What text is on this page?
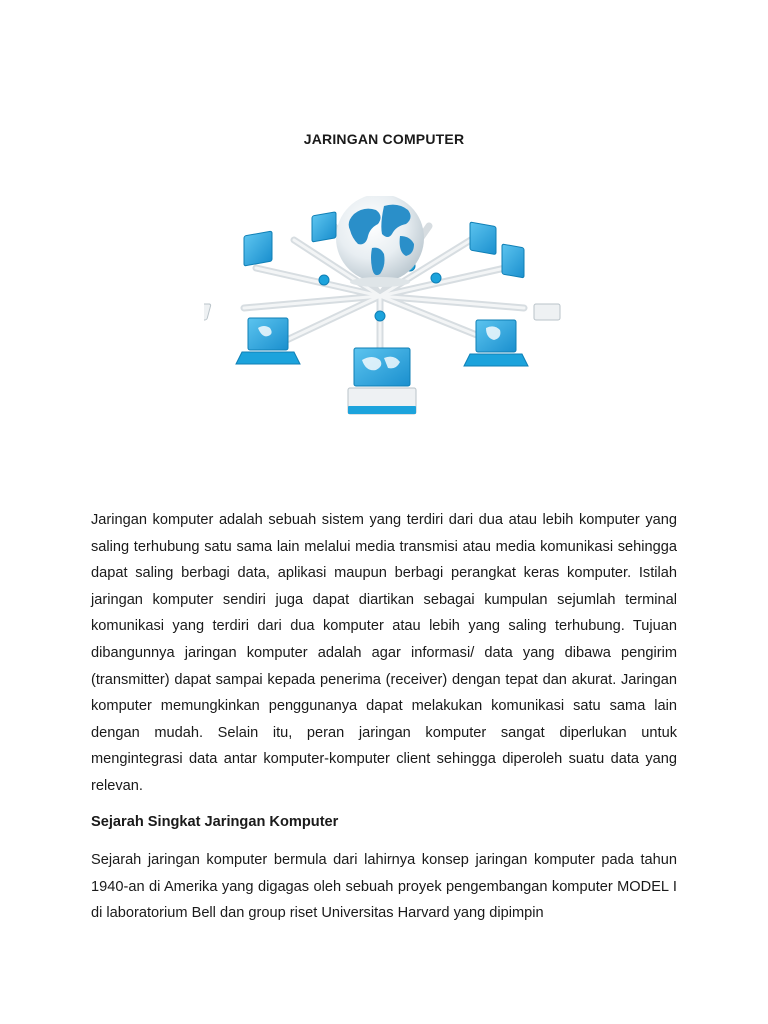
JARINGAN COMPUTER

Jaringan komputer adalah sebuah sistem yang terdiri dari dua atau lebih komputer yang saling terhubung satu sama lain melalui media transmisi atau media komunikasi sehingga dapat saling berbagi data, aplikasi maupun berbagi perangkat keras komputer. Istilah jaringan komputer sendiri juga dapat diartikan sebagai kumpulan sejumlah terminal komunikasi yang terdiri dari dua komputer atau lebih yang saling terhubung. Tujuan dibangunnya jaringan komputer adalah agar informasi/ data yang dibawa pengirim (transmitter) dapat sampai kepada penerima (receiver) dengan tepat dan akurat. Jaringan komputer memungkinkan penggunanya dapat melakukan komunikasi satu sama lain dengan mudah. Selain itu, peran jaringan komputer sangat diperlukan untuk mengintegrasi data antar komputer-komputer client sehingga diperoleh suatu data yang relevan.

Sejarah Singkat Jaringan Komputer

Sejarah jaringan komputer bermula dari lahirnya konsep jaringan komputer pada tahun 1940-an di Amerika yang digagas oleh sebuah proyek pengembangan komputer MODEL I di laboratorium Bell dan group riset Universitas Harvard yang dipimpin
